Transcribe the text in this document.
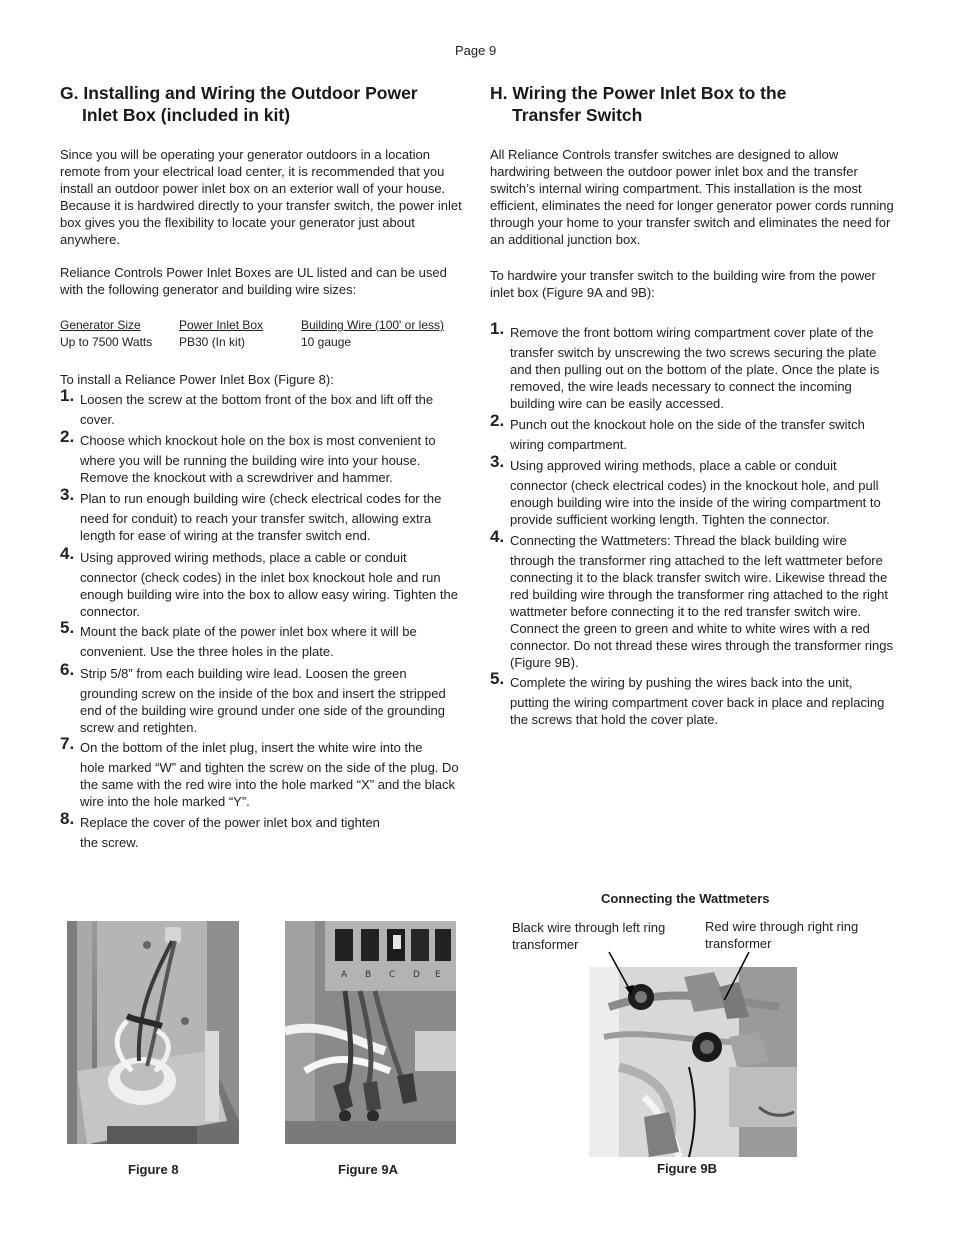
Page 9
G. Installing and Wiring the Outdoor Power
Inlet Box (included in kit)

Since you will be operating your generator outdoors in a location remote from your electrical load center, it is recommended that you install an outdoor power inlet box on an exterior wall of your house. Because it is hardwired directly to your transfer switch, the power inlet box gives you the flexibility to locate your generator just about anywhere.

Reliance Controls Power Inlet Boxes are UL listed and can be used with the following generator and building wire sizes:

Generator Size	Power Inlet Box	Building Wire (100' or less)
Up to 7500 Watts PB30 (In kit)	10 gauge

To install a Reliance Power Inlet Box (Figure 8):

1. Loosen the screw at the bottom front of the box and lift off the
cover.
2. Choose which knockout hole on the box is most convenient to
where you will be running the building wire into your house. Remove the knockout with a screwdriver and hammer.
3. Plan to run enough building wire (check electrical codes for the
need for conduit) to reach your transfer switch, allowing extra length for ease of wiring at the transfer switch end.
4. Using approved wiring methods, place a cable or conduit
connector (check codes) in the inlet box knockout hole and run enough building wire into the box to allow easy wiring. Tighten the connector.
5. Mount the back plate of the power inlet box where it will be
convenient. Use the three holes in the plate.
6. Strip 5/8” from each building wire lead. Loosen the green
grounding screw on the inside of the box and insert the stripped end of the building wire ground under one side of the grounding screw and retighten.
7. On the bottom of the inlet plug, insert the white wire into the
hole marked “W” and tighten the screw on the side of the plug. Do the same with the red wire into the hole marked “X” and the black wire into the hole marked “Y”.
8. Replace the cover of the power inlet box and tighten
the screw.
H. Wiring the Power Inlet Box to the
Transfer Switch

All Reliance Controls transfer switches are designed to allow hardwiring between the outdoor power inlet box and the transfer switch’s internal wiring compartment. This installation is the most efficient, eliminates the need for longer generator power cords running through your home to your transfer switch and eliminates the need for an additional junction box.

To hardwire your transfer switch to the building wire from the power inlet box (Figure 9A and 9B):

1. Remove the front bottom wiring compartment cover plate of the
transfer switch by unscrewing the two screws securing the plate and then pulling out on the bottom of the plate. Once the plate is removed, the wire leads necessary to connect the incoming building wire can be easily accessed.
2. Punch out the knockout hole on the side of the transfer switch
wiring compartment.
3. Using approved wiring methods, place a cable or conduit
connector (check electrical codes) in the knockout hole, and pull enough building wire into the inside of the wiring compartment to provide sufficient working length. Tighten the connector.
4. Connecting the Wattmeters: Thread the black building wire
through the transformer ring attached to the left wattmeter before connecting it to the black transfer switch wire. Likewise thread the red building wire through the transformer ring attached to the right wattmeter before connecting it to the red transfer switch wire. Connect the green to green and white to white wires with a red connector. Do not thread these wires through the transformer rings (Figure 9B).
5. Complete the wiring by pushing the wires back into the unit,
putting the wiring compartment cover back in place and replacing the screws that hold the cover plate.
Connecting the Wattmeters
Black wire through left ring transformer
Red wire through right ring transformer
A B C D E
Figure 8	Figure 9A	Figure 9B
